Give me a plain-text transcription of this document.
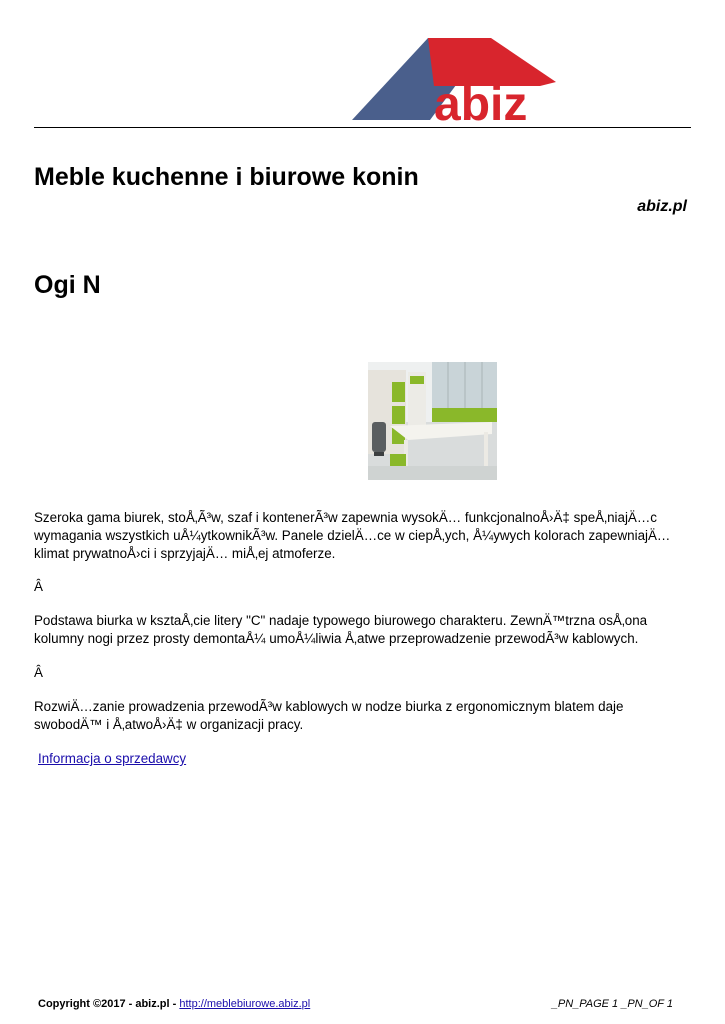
abiz
Meble kuchenne i biurowe konin
abiz.pl
Ogi N

Szeroka gama biurek, stoÅ‚Ã³w, szaf i kontenerÃ³w zapewnia wysokÄ… funkcjonalnoÅ›Ä‡ speÅ‚niajÄ…c wymagania wszystkich uÅ¼ytkownikÃ³w. Panele dzielÄ…ce w ciepÅ‚ych, Å¼ywych kolorach zapewniajÄ… klimat prywatnoÅ›ci i sprzyjajÄ… miÅ‚ej atmoferze.

Â

Podstawa biurka w ksztaÅ‚cie litery "C" nadaje typowego biurowego charakteru. ZewnÄ™trzna osÅ‚ona kolumny nogi przez prosty demontaÅ¼ umoÅ¼liwia Å‚atwe przeprowadzenie przewodÃ³w kablowych.

Â

RozwiÄ…zanie prowadzenia przewodÃ³w kablowych w nodze biurka z ergonomicznym blatem daje swobodÄ™ i Å‚atwoÅ›Ä‡ w organizacji pracy.

Informacja o sprzedawcy
Copyright ©2017 - abiz.pl - http://meblebiurowe.abiz.pl	_PN_PAGE 1 _PN_OF 1
